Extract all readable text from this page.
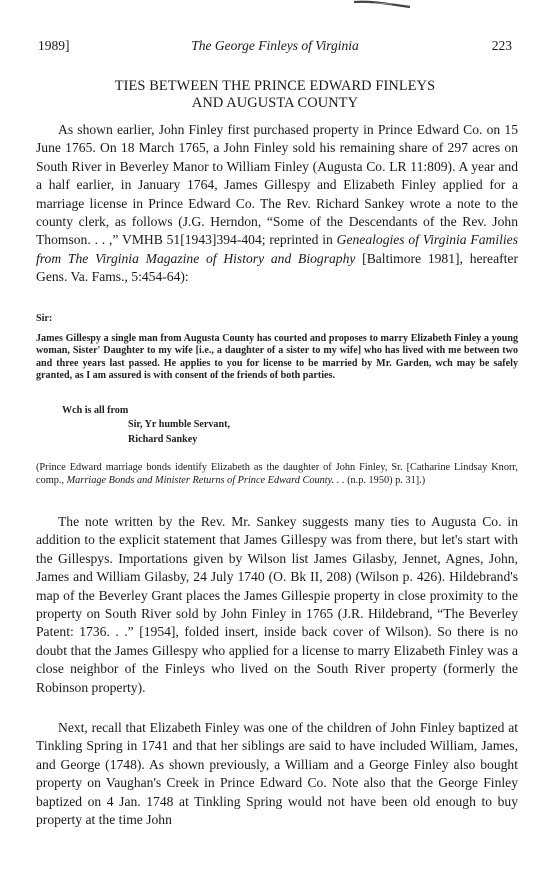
1989]	The George Finleys of Virginia	223
TIES BETWEEN THE PRINCE EDWARD FINLEYS
AND AUGUSTA COUNTY

As shown earlier, John Finley first purchased property in Prince Edward Co. on 15 June 1765. On 18 March 1765, a John Finley sold his remaining share of 297 acres on South River in Beverley Manor to William Finley (Augusta Co. LR 11:809). A year and a half earlier, in January 1764, James Gillespy and Elizabeth Finley applied for a marriage license in Prince Edward Co. The Rev. Richard Sankey wrote a note to the county clerk, as follows (J.G. Herndon, “Some of the Descendants of the Rev. John Thomson. . . ,” VMHB 51[1943]394-404; reprinted in Genealogies of Virginia Families from The Virginia Magazine of History and Biography [Baltimore 1981], hereafter Gens. Va. Fams., 5:454-64):

Sir:
James Gillespy a single man from Augusta County has courted and proposes to marry Elizabeth Finley a young woman, Sister' Daughter to my wife [i.e., a daughter of a sister to my wife] who has lived with me between two and three years last passed. He applies to you for license to be married by Mr. Garden, wch may be safely granted, as I am assured is with consent of the friends of both parties.
Wch is all from
Sir, Yr humble Servant,
Richard Sankey
(Prince Edward marriage bonds identify Elizabeth as the daughter of John Finley, Sr. [Catharine Lindsay Knorr, comp., Marriage Bonds and Minister Returns of Prince Edward County. . . (n.p. 1950) p. 31].)

The note written by the Rev. Mr. Sankey suggests many ties to Augusta Co. in addition to the explicit statement that James Gillespy was from there, but let's start with the Gillespys. Importations given by Wilson list James Gilasby, Jennet, Agnes, John, James and William Gilasby, 24 July 1740 (O. Bk II, 208) (Wilson p. 426). Hildebrand's map of the Beverley Grant places the James Gillespie property in close proximity to the property on South River sold by John Finley in 1765 (J.R. Hildebrand, “The Beverley Patent: 1736. . .” [1954], folded insert, inside back cover of Wilson). So there is no doubt that the James Gillespy who applied for a license to marry Elizabeth Finley was a close neighbor of the Finleys who lived on the South River property (formerly the Robinson property).

Next, recall that Elizabeth Finley was one of the children of John Finley baptized at Tinkling Spring in 1741 and that her siblings are said to have included William, James, and George (1748). As shown previously, a William and a George Finley also bought property on Vaughan's Creek in Prince Edward Co. Note also that the George Finley baptized on 4 Jan. 1748 at Tinkling Spring would not have been old enough to buy property at the time John
